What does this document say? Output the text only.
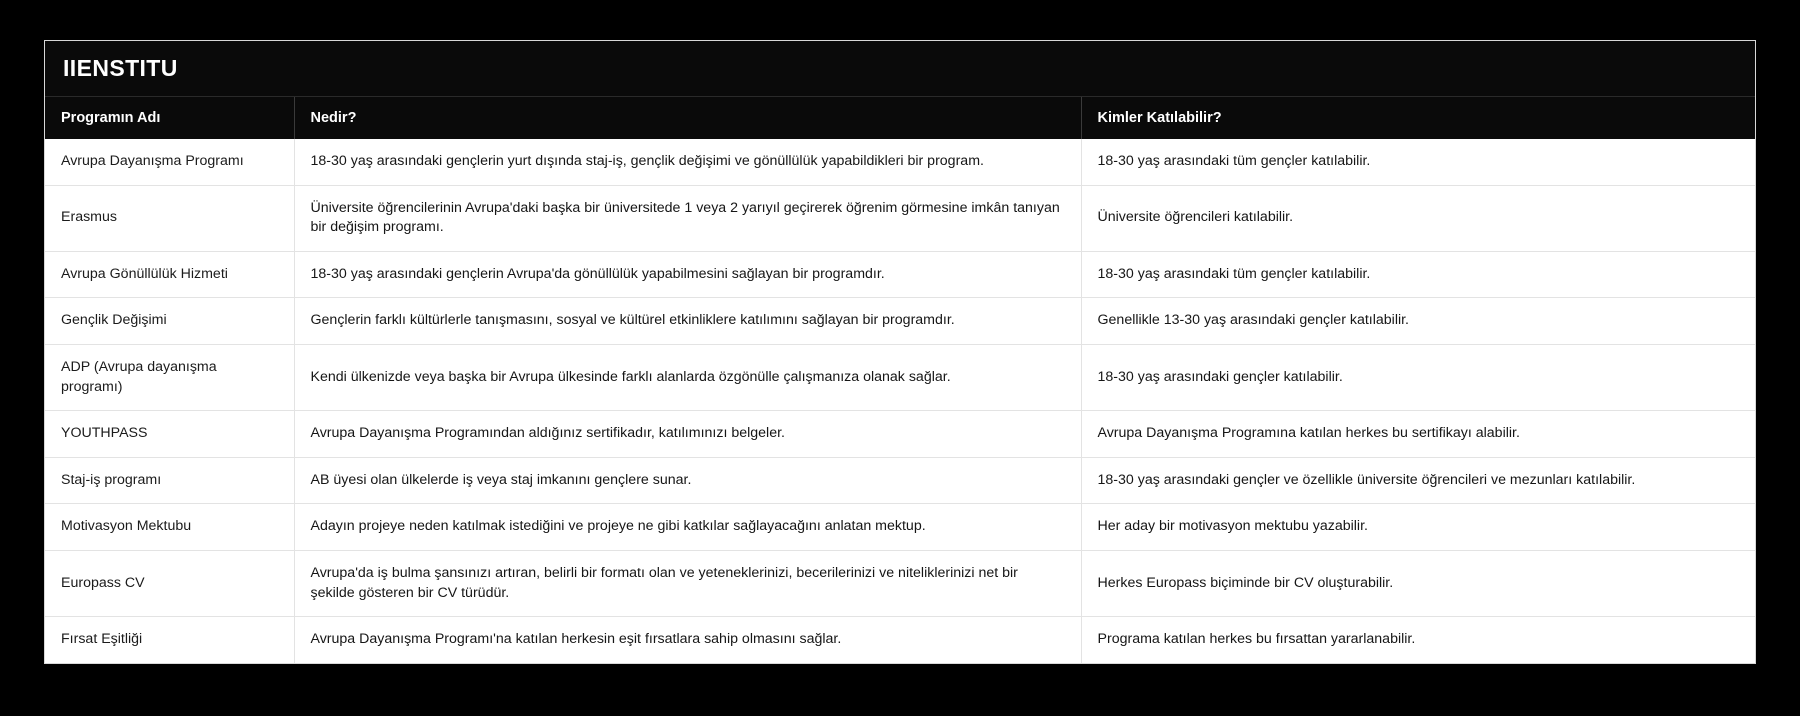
IIENSTITU
Programın Adı	Nedir?	Kimler Katılabilir?
Avrupa Dayanışma Programı	18-30 yaş arasındaki gençlerin yurt dışında staj-iş, gençlik değişimi ve gönüllülük yapabildikleri bir program.	18-30 yaş arasındaki tüm gençler katılabilir.
Erasmus	Üniversite öğrencilerinin Avrupa'daki başka bir üniversitede 1 veya 2 yarıyıl geçirerek öğrenim görmesine imkân tanıyan bir değişim programı.	Üniversite öğrencileri katılabilir.
Avrupa Gönüllülük Hizmeti	18-30 yaş arasındaki gençlerin Avrupa'da gönüllülük yapabilmesini sağlayan bir programdır.	18-30 yaş arasındaki tüm gençler katılabilir.
Gençlik Değişimi	Gençlerin farklı kültürlerle tanışmasını, sosyal ve kültürel etkinliklere katılımını sağlayan bir programdır.	Genellikle 13-30 yaş arasındaki gençler katılabilir.
ADP (Avrupa dayanışma programı)	Kendi ülkenizde veya başka bir Avrupa ülkesinde farklı alanlarda özgönülle çalışmanıza olanak sağlar.	18-30 yaş arasındaki gençler katılabilir.
YOUTHPASS	Avrupa Dayanışma Programından aldığınız sertifikadır, katılımınızı belgeler.	Avrupa Dayanışma Programına katılan herkes bu sertifikayı alabilir.
Staj-iş programı	AB üyesi olan ülkelerde iş veya staj imkanını gençlere sunar.	18-30 yaş arasındaki gençler ve özellikle üniversite öğrencileri ve mezunları katılabilir.
Motivasyon Mektubu	Adayın projeye neden katılmak istediğini ve projeye ne gibi katkılar sağlayacağını anlatan mektup.	Her aday bir motivasyon mektubu yazabilir.
Europass CV	Avrupa'da iş bulma şansınızı artıran, belirli bir formatı olan ve yeteneklerinizi, becerilerinizi ve niteliklerinizi net bir şekilde gösteren bir CV türüdür.	Herkes Europass biçiminde bir CV oluşturabilir.
Fırsat Eşitliği	Avrupa Dayanışma Programı'na katılan herkesin eşit fırsatlara sahip olmasını sağlar.	Programa katılan herkes bu fırsattan yararlanabilir.
